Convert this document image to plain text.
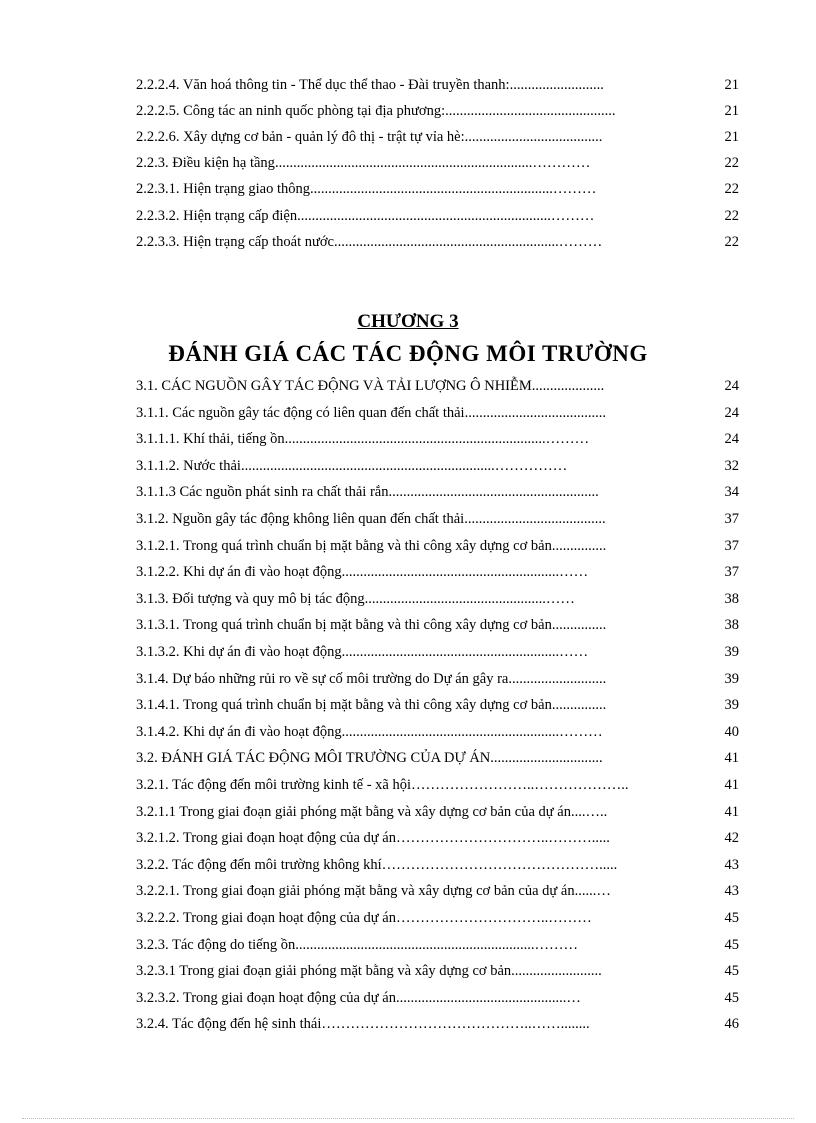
2.2.2.4. Văn hoá thông tin - Thể dục thể thao - Đài truyền thanh:..........................	21
2.2.2.5. Công tác an ninh quốc phòng tại địa phương:...............................................	21
2.2.2.6. Xây dựng cơ bản - quản lý đô thị - trật tự vỉa hè:......................................	21
2.2.3. Điều kiện hạ tầng.......................................................................…………	22
2.2.3.1. Hiện trạng giao thông...................................................................………	22
2.2.3.2. Hiện trạng cấp điện......................................................................………	22
2.2.3.3. Hiện trạng cấp thoát nước..............................................................………	22
CHƯƠNG 3
ĐÁNH GIÁ CÁC TÁC ĐỘNG MÔI TRƯỜNG
3.1. CÁC NGUỒN GÂY TÁC ĐỘNG VÀ TẢI LƯỢNG Ô NHIỄM....................	24
3.1.1. Các nguồn gây tác động có liên quan đến chất thải.......................................	24
3.1.1.1. Khí thải, tiếng ồn........................................................................………	24
3.1.1.2. Nước thải......................................................................……………	32
3.1.1.3 Các nguồn phát sinh ra chất thải rắn..........................................................	34
3.1.2. Nguồn gây tác động không liên quan đến chất thải.......................................	37
3.1.2.1. Trong quá trình chuẩn bị mặt bằng và thi công xây dựng cơ bản...............	37
3.1.2.2. Khi dự án đi vào hoạt động............................................................……	37
3.1.3. Đối tượng và quy mô bị tác động..................................................……	38
3.1.3.1. Trong quá trình chuẩn bị mặt bằng và thi công xây dựng cơ bản...............	38
3.1.3.2. Khi dự án đi vào hoạt động............................................................……	39
3.1.4. Dự báo những rủi ro về sự cố môi trường do Dự án gây ra...........................	39
3.1.4.1. Trong quá trình chuẩn bị mặt bằng và thi công xây dựng cơ bản...............	39
3.1.4.2. Khi dự án đi vào hoạt động............................................................………	40
3.2. ĐÁNH GIÁ TÁC ĐỘNG MÔI TRƯỜNG CỦA DỰ ÁN...............................	41
3.2.1. Tác động đến môi trường kinh tế - xã hội……………………..………………..	41
3.2.1.1 Trong giai đoạn giải phóng mặt bằng và xây dựng cơ bản của dự án....…..	41
3.2.1.2. Trong giai đoạn hoạt động của dự án…………………………..……….....	42
3.2.2. Tác động đến môi trường không khí……………………………………….....	43
3.2.2.1. Trong giai đoạn giải phóng mặt bằng và xây dựng cơ bản của dự án......…	43
3.2.2.2. Trong giai đoạn hoạt động của dự án…………………………..………	45
3.2.3. Tác động do tiếng ồn..................................................................………	45
3.2.3.1 Trong giai đoạn giải phóng mặt bằng và xây dựng cơ bản.........................	45
3.2.3.2. Trong giai đoạn hoạt động của dự án...............................................…	45
3.2.4. Tác động đến hệ sinh thái……………………………………..……........	46
